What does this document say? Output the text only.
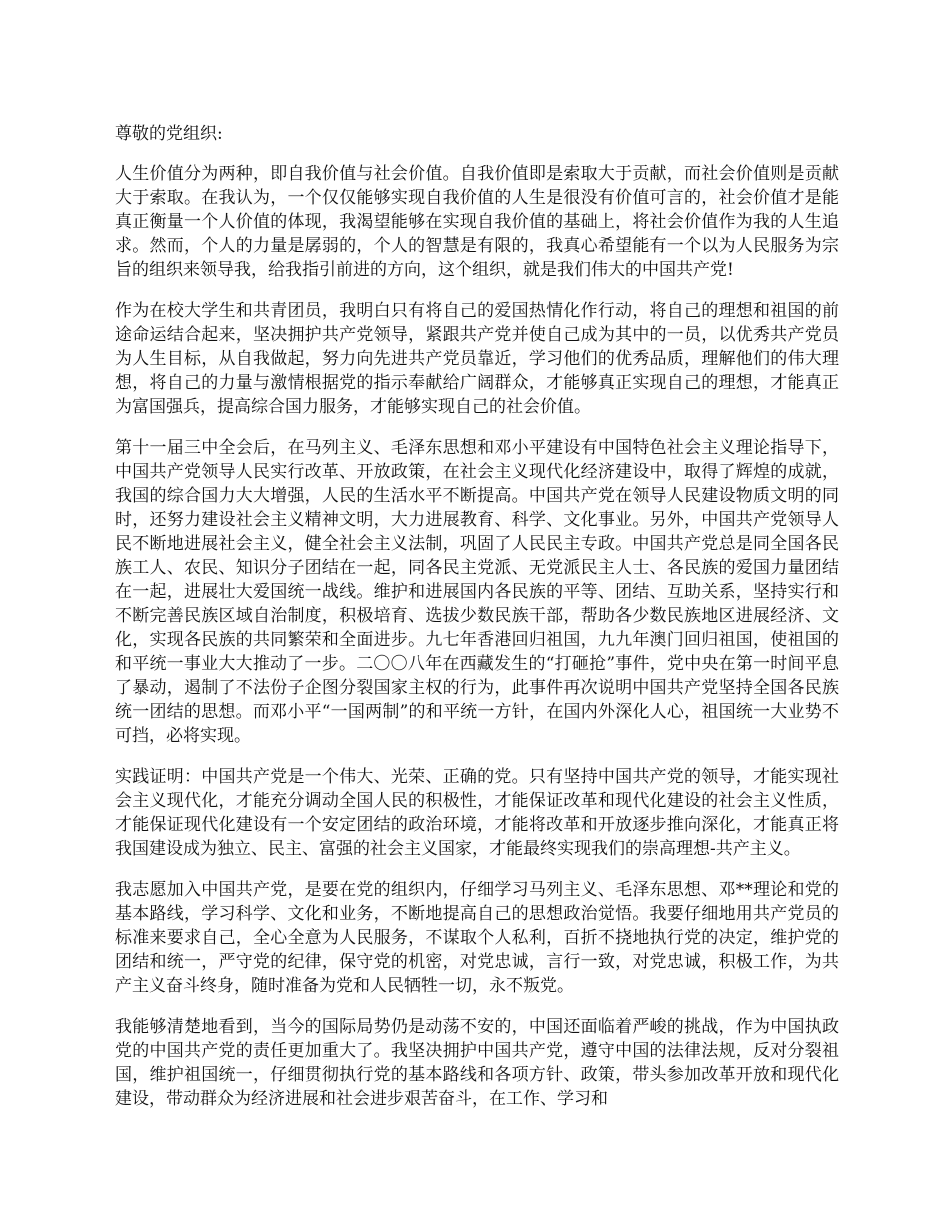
尊敬的党组织:

人生价值分为两种，即自我价值与社会价值。自我价值即是索取大于贡献，而社会价值则是贡献大于索取。在我认为，一个仅仅能够实现自我价值的人生是很没有价值可言的，社会价值才是能真正衡量一个人价值的体现，我渴望能够在实现自我价值的基础上，将社会价值作为我的人生追求。然而，个人的力量是孱弱的，个人的智慧是有限的，我真心希望能有一个以为人民服务为宗旨的组织来领导我，给我指引前进的方向，这个组织，就是我们伟大的中国共产党!

作为在校大学生和共青团员，我明白只有将自己的爱国热情化作行动，将自己的理想和祖国的前途命运结合起来，坚决拥护共产党领导，紧跟共产党并使自己成为其中的一员，以优秀共产党员为人生目标，从自我做起，努力向先进共产党员靠近，学习他们的优秀品质，理解他们的伟大理想，将自己的力量与激情根据党的指示奉献给广阔群众，才能够真正实现自己的理想，才能真正为富国强兵，提高综合国力服务，才能够实现自己的社会价值。

第十一届三中全会后，在马列主义、毛泽东思想和邓小平建设有中国特色社会主义理论指导下，中国共产党领导人民实行改革、开放政策，在社会主义现代化经济建设中，取得了辉煌的成就，我国的综合国力大大增强，人民的生活水平不断提高。中国共产党在领导人民建设物质文明的同时，还努力建设社会主义精神文明，大力进展教育、科学、文化事业。另外，中国共产党领导人民不断地进展社会主义，健全社会主义法制，巩固了人民民主专政。中国共产党总是同全国各民族工人、农民、知识分子团结在一起，同各民主党派、无党派民主人士、各民族的爱国力量团结在一起，进展壮大爱国统一战线。维护和进展国内各民族的平等、团结、互助关系，坚持实行和不断完善民族区域自治制度，积极培育、选拔少数民族干部，帮助各少数民族地区进展经济、文化，实现各民族的共同繁荣和全面进步。九七年香港回归祖国，九九年澳门回归祖国，使祖国的和平统一事业大大推动了一步。二〇〇八年在西藏发生的“打砸抢”事件，党中央在第一时间平息了暴动，遏制了不法份子企图分裂国家主权的行为，此事件再次说明中国共产党坚持全国各民族统一团结的思想。而邓小平“一国两制”的和平统一方针，在国内外深化人心，祖国统一大业势不可挡，必将实现。

实践证明：中国共产党是一个伟大、光荣、正确的党。只有坚持中国共产党的领导，才能实现社会主义现代化，才能充分调动全国人民的积极性，才能保证改革和现代化建设的社会主义性质，才能保证现代化建设有一个安定团结的政治环境，才能将改革和开放逐步推向深化，才能真正将我国建设成为独立、民主、富强的社会主义国家，才能最终实现我们的崇高理想-共产主义。

我志愿加入中国共产党，是要在党的组织内，仔细学习马列主义、毛泽东思想、邓**理论和党的基本路线，学习科学、文化和业务，不断地提高自己的思想政治觉悟。我要仔细地用共产党员的标准来要求自己，全心全意为人民服务，不谋取个人私利，百折不挠地执行党的决定，维护党的团结和统一，严守党的纪律，保守党的机密，对党忠诚，言行一致，对党忠诚，积极工作，为共产主义奋斗终身，随时准备为党和人民牺牲一切，永不叛党。

我能够清楚地看到，当今的国际局势仍是动荡不安的，中国还面临着严峻的挑战，作为中国执政党的中国共产党的责任更加重大了。我坚决拥护中国共产党，遵守中国的法律法规，反对分裂祖国，维护祖国统一，仔细贯彻执行党的基本路线和各项方针、政策，带头参加改革开放和现代化建设，带动群众为经济进展和社会进步艰苦奋斗，在工作、学习和
